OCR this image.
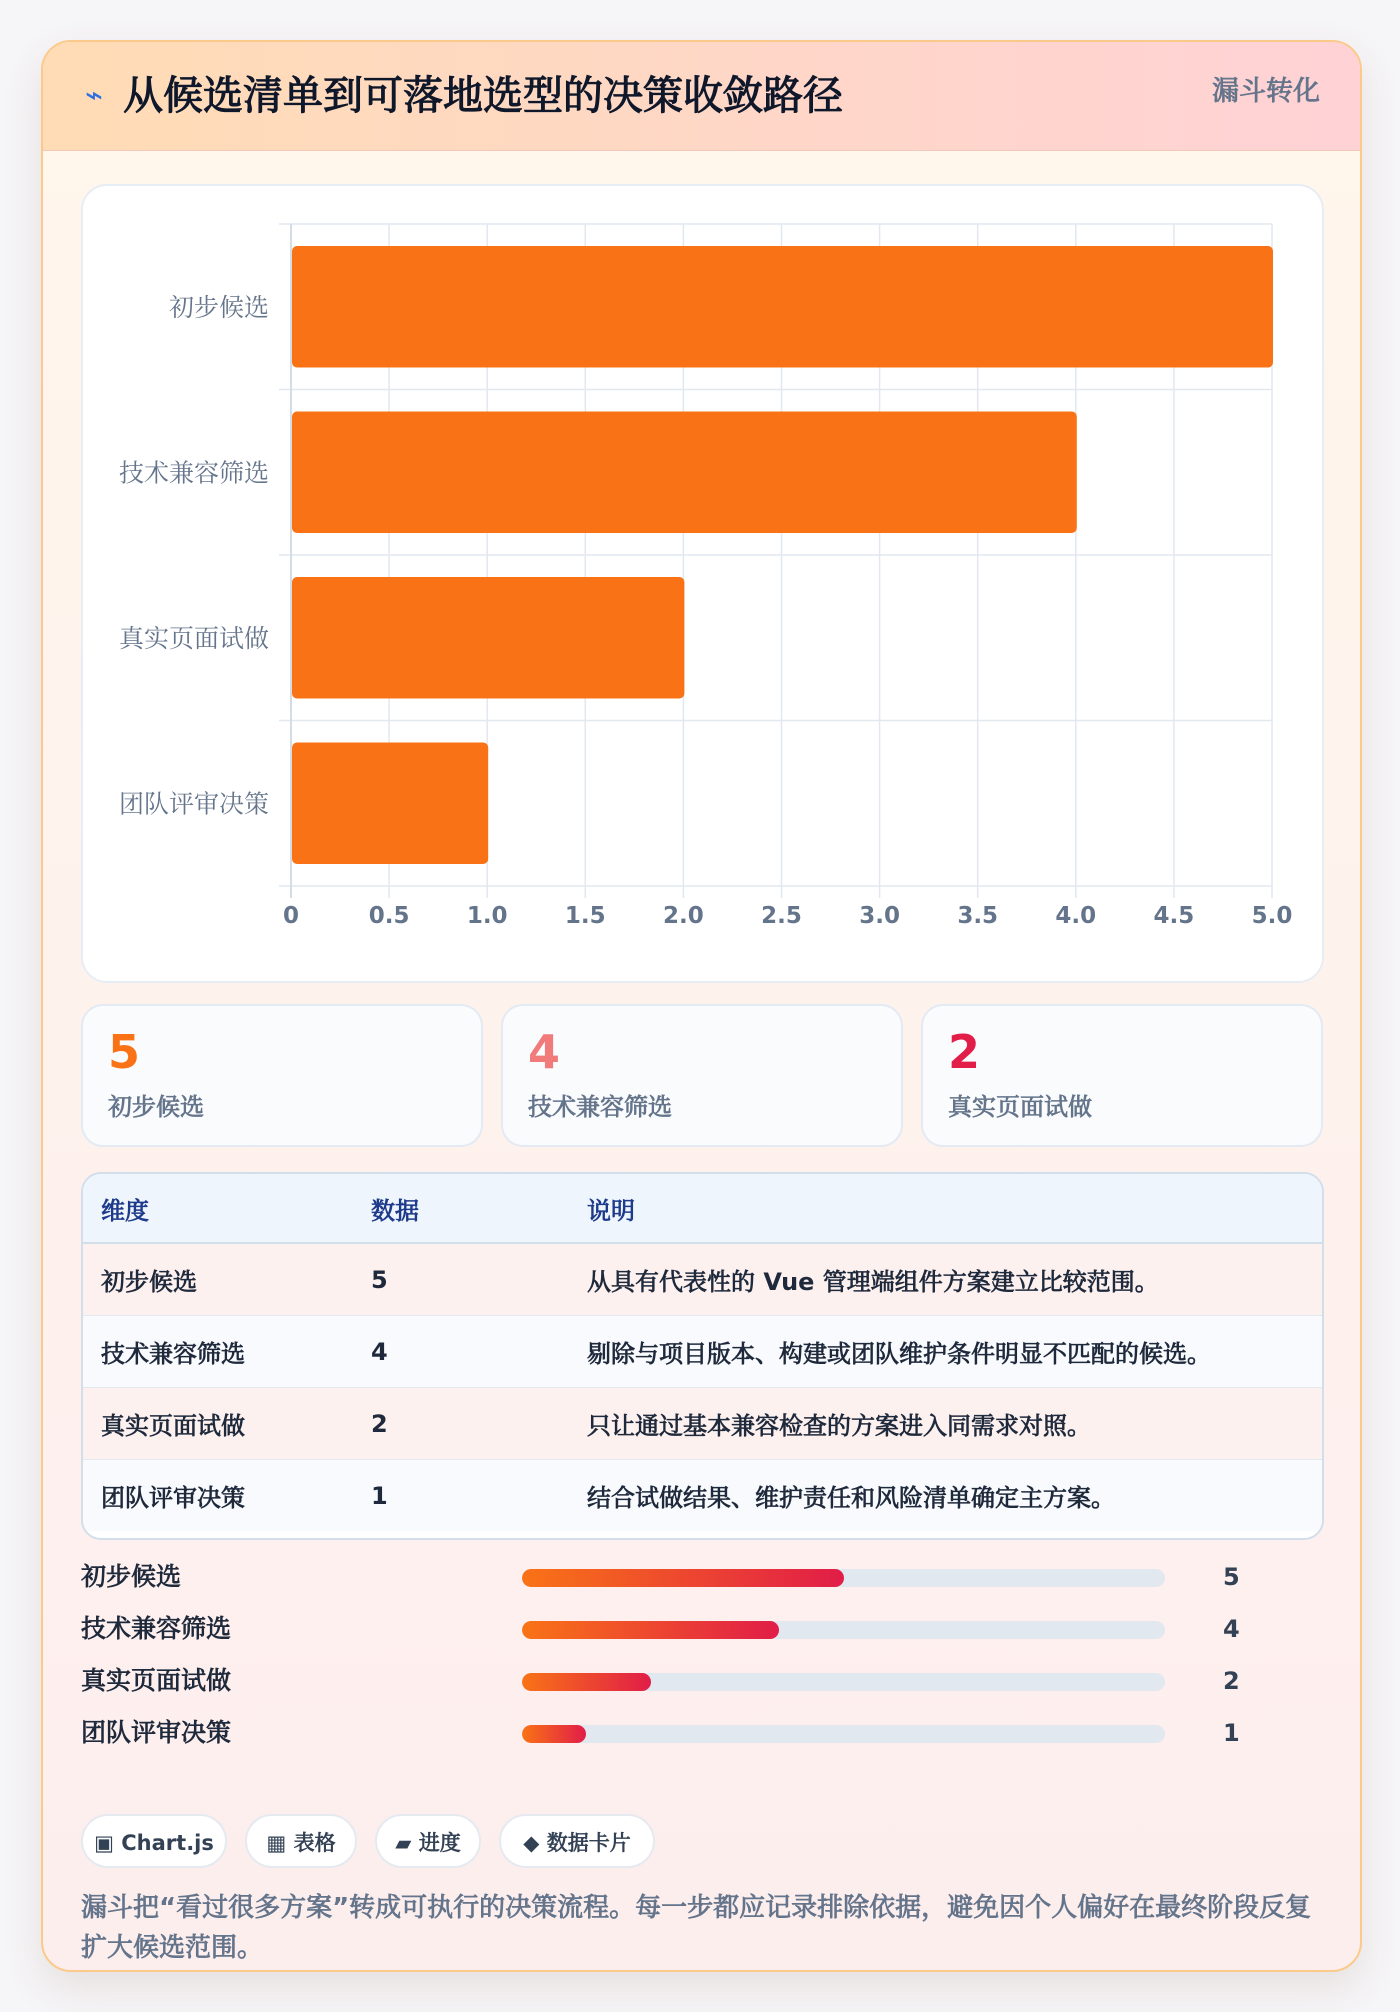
⌁ 从候选清单到可落地选型的决策收敛路径	漏斗转化
0	0.5 1.0 1.5 2.0 2.5 3.0 3.5 4.0 4.5 5.0
初步候选
技术兼容筛选
真实页面试做
团队评审决策
5
初步候选
4
技术兼容筛选
2
真实页面试做
维度	数据	说明
初步候选	5	从具有代表性的 Vue 管理端组件方案建立比较范围。
技术兼容筛选	4	剔除与项目版本、构建或团队维护条件明显不匹配的候选。
真实页面试做	2	只让通过基本兼容检查的方案进入同需求对照。
团队评审决策	1	结合试做结果、维护责任和风险清单确定主方案。
初步候选	5
技术兼容筛选	4
真实页面试做	2
团队评审决策	1
▣ Chart.js	▦ 表格	▰ 进度	◆ 数据卡片
漏斗把“看过很多方案”转成可执行的决策流程。每一步都应记录排除依据，避免因个人偏好在最终阶段反复扩大候选范围。
